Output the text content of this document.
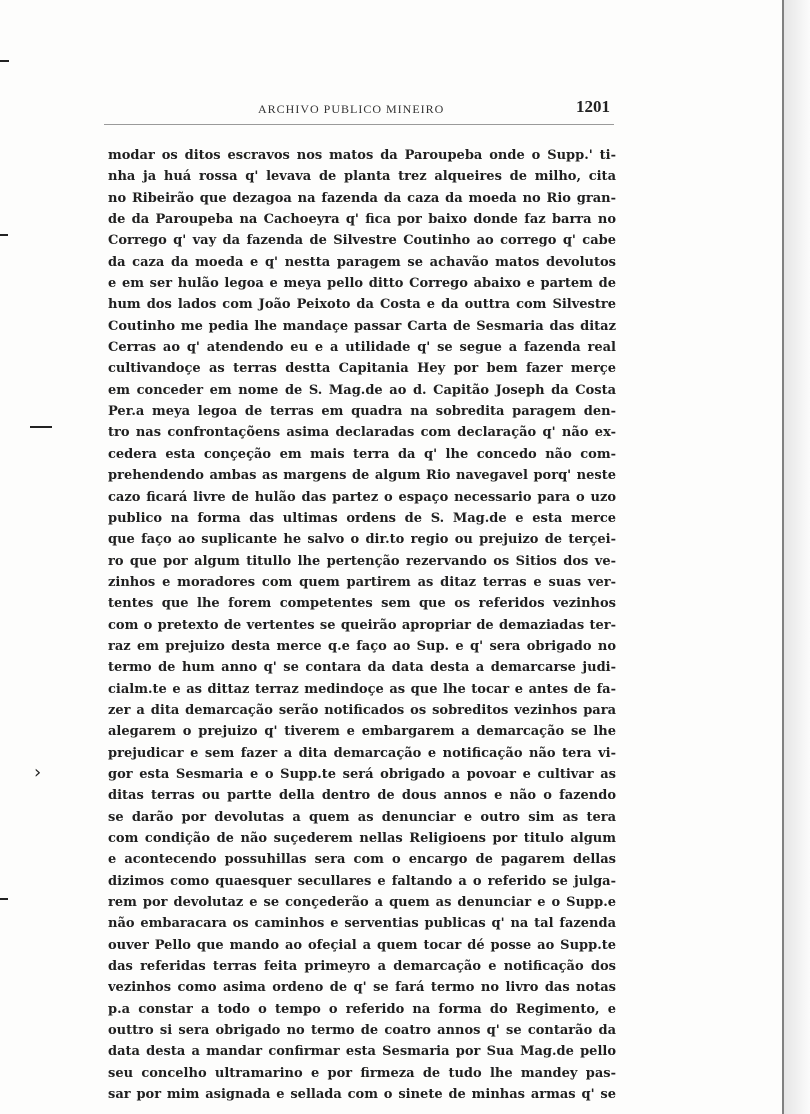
›
ARCHIVO PUBLICO MINEIRO	1201
modar os ditos escravos nos matos da Paroupeba onde o Supp.' ti-
nha ja huá rossa q' levava de planta trez alqueires de milho, cita
no Ribeirão que dezagoa na fazenda da caza da moeda no Rio gran-
de da Paroupeba na Cachoeyra q' fica por baixo donde faz barra no
Corrego q' vay da fazenda de Silvestre Coutinho ao corrego q' cabe
da caza da moeda e q' nestta paragem se achavão matos devolutos
e em ser hulão legoa e meya pello ditto Corrego abaixo e partem de
hum dos lados com João Peixoto da Costa e da outtra com Silvestre
Coutinho me pedia lhe mandaçe passar Carta de Sesmaria das ditaz
Cerras ao q' atendendo eu e a utilidade q' se segue a fazenda real
cultivandoçe as terras destta Capitania Hey por bem fazer merçe
em conceder em nome de S. Mag.de ao d. Capitão Joseph da Costa
Per.a meya legoa de terras em quadra na sobredita paragem den-
tro nas confrontaçõens asima declaradas com declaração q' não ex-
cedera esta conçeção em mais terra da q' lhe concedo não com-
prehendendo ambas as margens de algum Rio navegavel porq' neste
cazo ficará livre de hulão das partez o espaço necessario para o uzo
publico na forma das ultimas ordens de S. Mag.de e esta merce
que faço ao suplicante he salvo o dir.to regio ou prejuizo de terçei-
ro que por algum titullo lhe pertenção rezervando os Sitios dos ve-
zinhos e moradores com quem partirem as ditaz terras e suas ver-
tentes que lhe forem competentes sem que os referidos vezinhos
com o pretexto de vertentes se queirão apropriar de demaziadas ter-
raz em prejuizo desta merce q.e faço ao Sup. e q' sera obrigado no
termo de hum anno q' se contara da data desta a demarcarse judi-
cialm.te e as dittaz terraz medindoçe as que lhe tocar e antes de fa-
zer a dita demarcação serão notificados os sobreditos vezinhos para
alegarem o prejuizo q' tiverem e embargarem a demarcação se lhe
prejudicar e sem fazer a dita demarcação e notificação não tera vi-
gor esta Sesmaria e o Supp.te será obrigado a povoar e cultivar as
ditas terras ou partte della dentro de dous annos e não o fazendo
se darão por devolutas a quem as denunciar e outro sim as tera
com condição de não suçederem nellas Religioens por titulo algum
e acontecendo possuhillas sera com o encargo de pagarem dellas
dizimos como quaesquer secullares e faltando a o referido se julga-
rem por devolutaz e se conçederão a quem as denunciar e o Supp.e
não embaracara os caminhos e serventias publicas q' na tal fazenda
ouver Pello que mando ao ofeçial a quem tocar dé posse ao Supp.te
das referidas terras feita primeyro a demarcação e notificação dos
vezinhos como asima ordeno de q' se fará termo no livro das notas
p.a constar a todo o tempo o referido na forma do Regimento, e
outtro si sera obrigado no termo de coatro annos q' se contarão da
data desta a mandar confirmar esta Sesmaria por Sua Mag.de pello
seu concelho ultramarino e por firmeza de tudo lhe mandey pas-
sar por mim asignada e sellada com o sinete de minhas armas q' se
